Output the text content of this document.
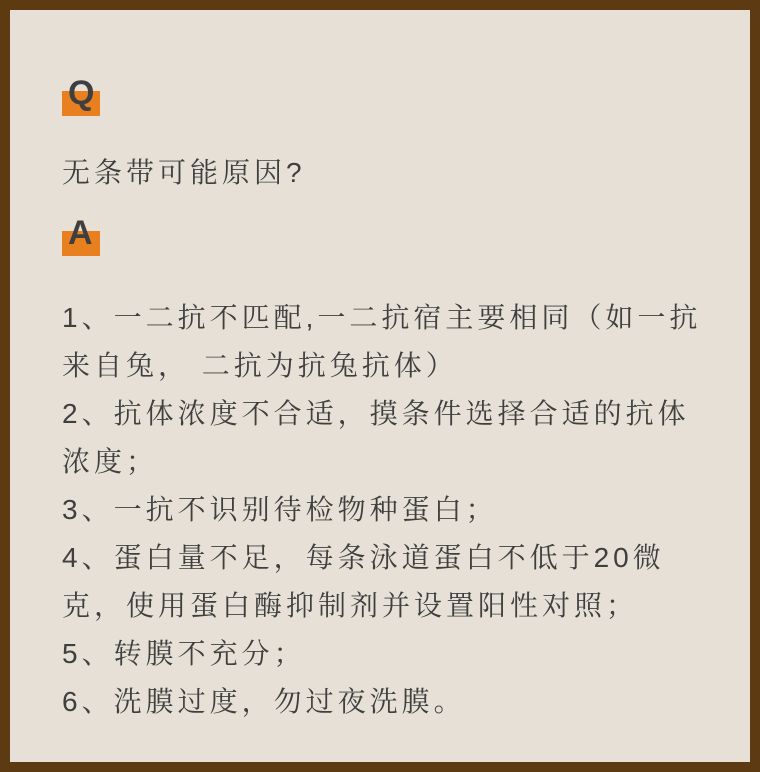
Q

无条带可能原因?

A

1、一二抗不匹配,一二抗宿主要相同（如一抗来自兔， 二抗为抗兔抗体）

2、抗体浓度不合适，摸条件选择合适的抗体浓度；

3、一抗不识别待检物种蛋白；

4、蛋白量不足，每条泳道蛋白不低于20微克，使用蛋白酶抑制剂并设置阳性对照；

5、转膜不充分；

6、洗膜过度，勿过夜洗膜。
